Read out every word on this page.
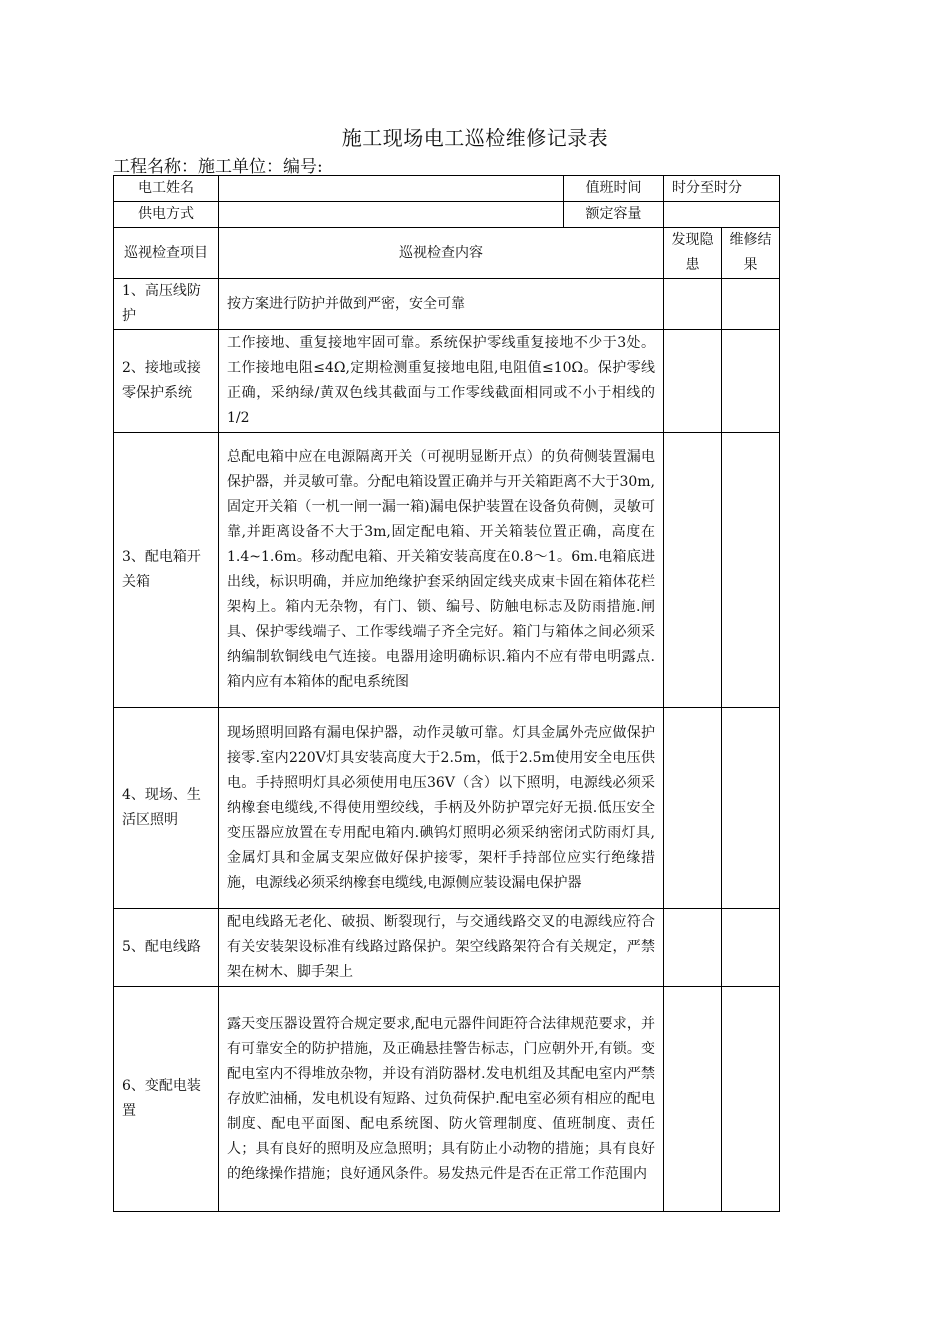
施工现场电工巡检维修记录表
工程名称：施工单位：编号:
电工姓名		值班时间	时分至时分	
供电方式		额定容量		
巡视检查项目	巡视检查内容		发现隐患	维修结果
1、高压线防护	按方案进行防护并做到严密，安全可靠			
2、接地或接零保护系统	工作接地、重复接地牢固可靠。系统保护零线重复接地不少于3处。工作接地电阻≤4Ω,定期检测重复接地电阻,电阻值≤10Ω。保护零线正确，采纳绿/黄双色线其截面与工作零线截面相同或不小于相线的1/2			
3、配电箱开关箱	总配电箱中应在电源隔离开关（可视明显断开点）的负荷侧装置漏电保护器，并灵敏可靠。分配电箱设置正确并与开关箱距离不大于30m,固定开关箱（一机一闸一漏一箱)漏电保护装置在设备负荷侧，灵敏可靠,并距离设备不大于3m,固定配电箱、开关箱装位置正确，高度在1.4~1.6m。移动配电箱、开关箱安装高度在0.8～1。6m.电箱底进出线，标识明确，并应加绝缘护套采纳固定线夹成束卡固在箱体花栏架构上。箱内无杂物，有门、锁、编号、防触电标志及防雨措施.闸具、保护零线端子、工作零线端子齐全完好。箱门与箱体之间必须采纳编制软铜线电气连接。电器用途明确标识.箱内不应有带电明露点.箱内应有本箱体的配电系统图			
4、现场、生活区照明	现场照明回路有漏电保护器，动作灵敏可靠。灯具金属外壳应做保护接零.室内220V灯具安装高度大于2.5m，低于2.5m使用安全电压供电。手持照明灯具必须使用电压36V（含）以下照明，电源线必须采纳橡套电缆线,不得使用塑绞线，手柄及外防护罩完好无损.低压安全变压器应放置在专用配电箱内.碘钨灯照明必须采纳密闭式防雨灯具,金属灯具和金属支架应做好保护接零，架杆手持部位应实行绝缘措施，电源线必须采纳橡套电缆线,电源侧应装设漏电保护器			
5、配电线路	配电线路无老化、破损、断裂现行，与交通线路交叉的电源线应符合有关安装架设标准有线路过路保护。架空线路架符合有关规定，严禁架在树木、脚手架上			
6、变配电装置	露天变压器设置符合规定要求,配电元器件间距符合法律规范要求，并有可靠安全的防护措施，及正确悬挂警告标志，门应朝外开,有锁。变配电室内不得堆放杂物，并设有消防器材.发电机组及其配电室内严禁存放贮油桶，发电机设有短路、过负荷保护.配电室必须有相应的配电制度、配电平面图、配电系统图、防火管理制度、值班制度、责任人；具有良好的照明及应急照明；具有防止小动物的措施；具有良好的绝缘操作措施；良好通风条件。易发热元件是否在正常工作范围内			
